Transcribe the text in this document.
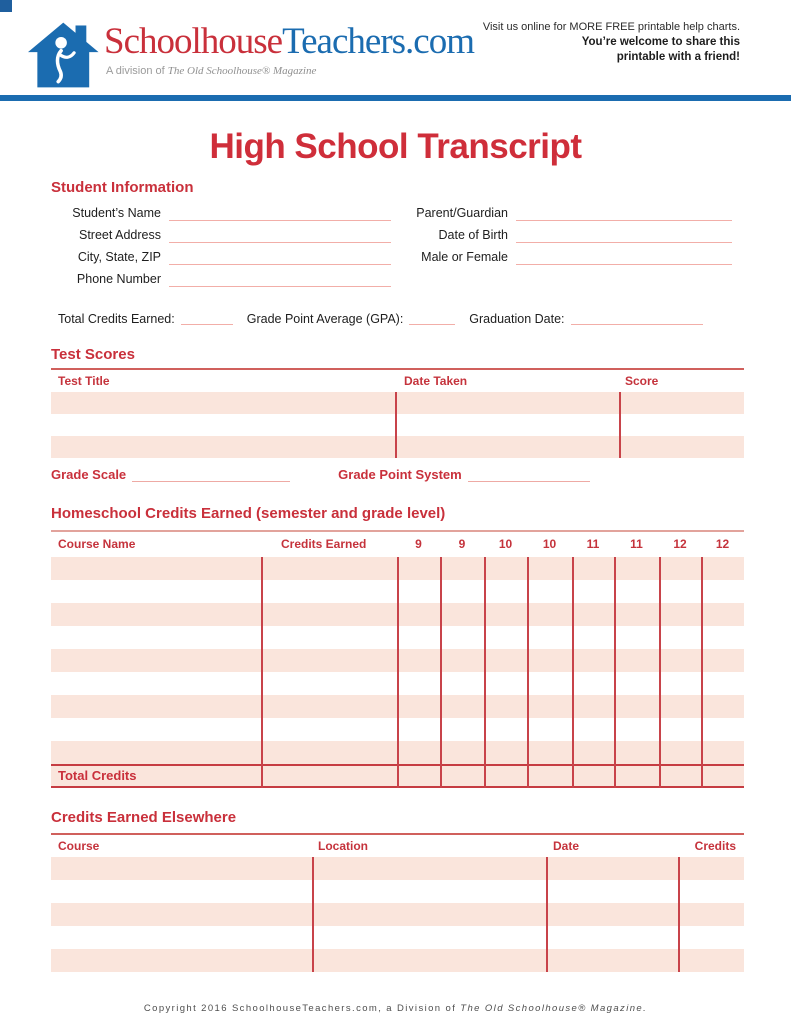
SchoolhouseTeachers.com
A division of The Old Schoolhouse® Magazine
Visit us online for MORE FREE printable help charts.
You’re welcome to share this
printable with a friend!
High School Transcript
Student Information
Student’s Name
Street Address
City, State, ZIP
Phone Number
Parent/Guardian
Date of Birth
Male or Female
Total Credits Earned:	Grade Point Average (GPA):	Graduation Date:
Test Scores
Test Title	Date Taken	Score
Grade Scale	Grade Point System
Homeschool Credits Earned (semester and grade level)
Course Name	Credits Earned	9	9	10	10	11	11	12	12
Total Credits
Credits Earned Elsewhere
Course	Location	Date	Credits
Copyright 2016 SchoolhouseTeachers.com, a Division of The Old Schoolhouse® Magazine.
